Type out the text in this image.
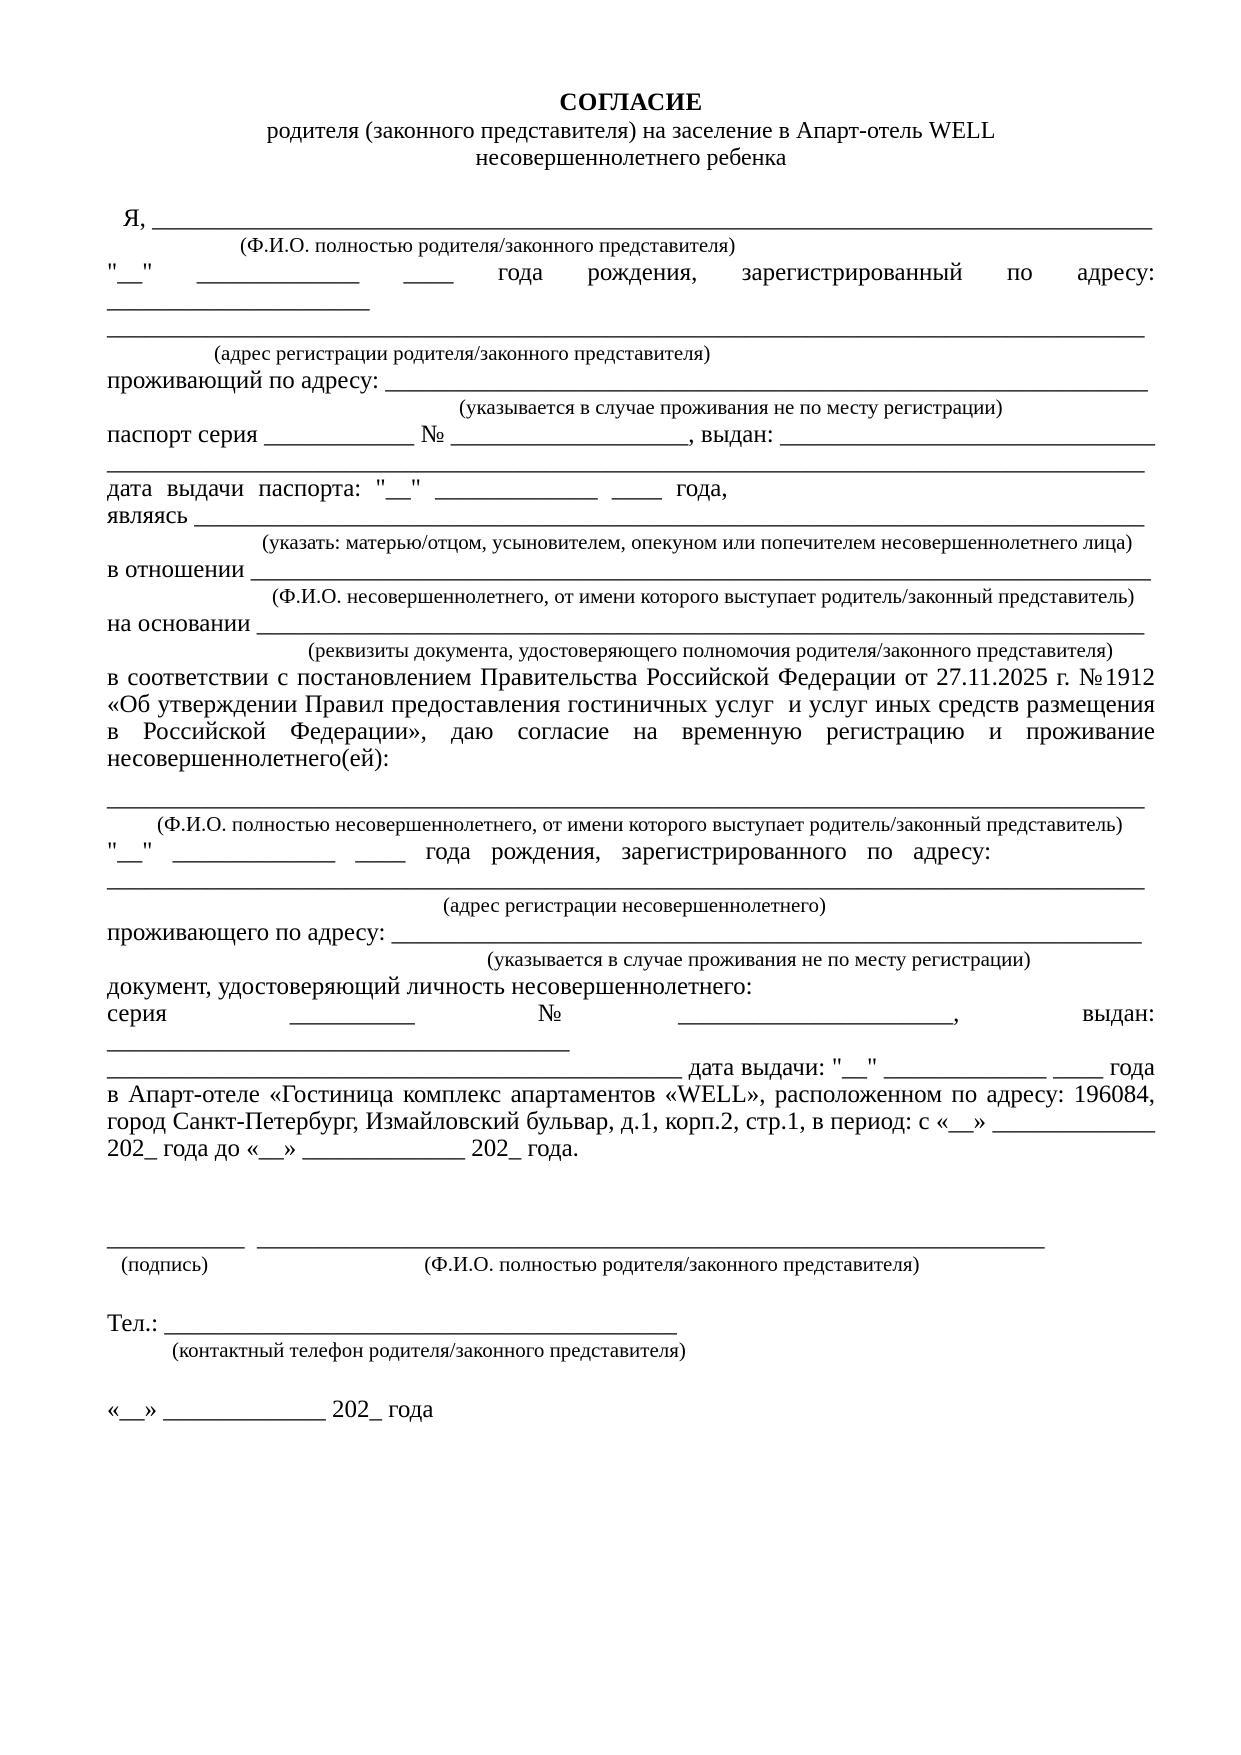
СОГЛАСИЕ
родителя (законного представителя) на заселение в Апарт-отель WELL
несовершеннолетнего ребенка
Я, ________________________________________________________________________________
(Ф.И.О. полностью родителя/законного представителя)
"__" _____________ ____ года рождения, зарегистрированный по адресу: _____________________
___________________________________________________________________________________
(адрес регистрации родителя/законного представителя)
проживающий по адресу: _____________________________________________________________
(указывается в случае проживания не по месту регистрации)
паспорт серия ____________ № ___________________, выдан: ______________________________
___________________________________________________________________________________
дата выдачи паспорта: "__" _____________ ____ года,
являясь ____________________________________________________________________________
(указать: матерью/отцом, усыновителем, опекуном или попечителем несовершеннолетнего лица)
в отношении ________________________________________________________________________
(Ф.И.О. несовершеннолетнего, от имени которого выступает родитель/законный представитель)
на основании _______________________________________________________________________
(реквизиты документа, удостоверяющего полномочия родителя/законного представителя)
в соответствии с постановлением Правительства Российской Федерации от 27.11.2025 г. №1912 «Об утверждении Правил предоставления гостиничных услуг  и услуг иных средств размещения в Российской Федерации», даю согласие на временную регистрацию и проживание несовершеннолетнего(ей):
___________________________________________________________________________________
(Ф.И.О. полностью несовершеннолетнего, от имени которого выступает родитель/законный представитель)
"__" _____________ ____ года рождения, зарегистрированного по адресу:
___________________________________________________________________________________
(адрес регистрации несовершеннолетнего)
проживающего по адресу: ____________________________________________________________
(указывается в случае проживания не по месту регистрации)
документ, удостоверяющий личность несовершеннолетнего:
серия __________ №______________________, выдан: _____________________________________
______________________________________________ дата выдачи: "__" _____________ ____ года
в Апарт-отеле «Гостиница комплекс апартаментов «WELL», расположенном по адресу: 196084,
город Санкт-Петербург, Измайловский бульвар, д.1, корп.2, стр.1, в период: с «__» _____________
202_ года до «__» _____________ 202_ года.
___________  _______________________________________________________________
(подпись)	(Ф.И.О. полностью родителя/законного представителя)
Тел.: _________________________________________
(контактный телефон родителя/законного представителя)
«__» _____________ 202_ года
